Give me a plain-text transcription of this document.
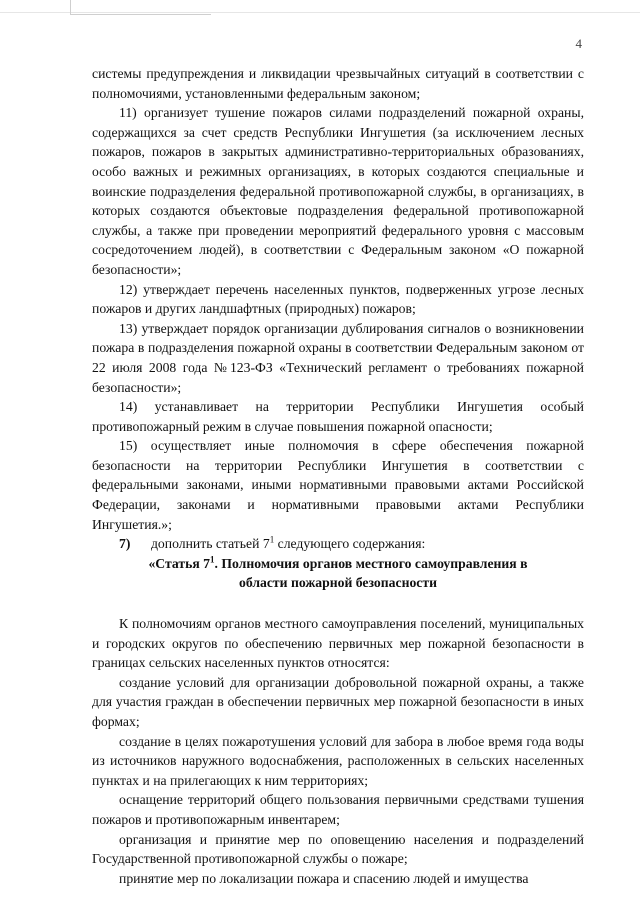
4

системы предупреждения и ликвидации чрезвычайных ситуаций в соответствии с полномочиями, установленными федеральным законом;

11) организует тушение пожаров силами подразделений пожарной охраны, содержащихся за счет средств Республики Ингушетия (за исключением лесных пожаров, пожаров в закрытых административно-территориальных образованиях, особо важных и режимных организациях, в которых создаются специальные и воинские подразделения федеральной противопожарной службы, в организациях, в которых создаются объектовые подразделения федеральной противопожарной службы, а также при проведении мероприятий федерального уровня с массовым сосредоточением людей), в соответствии с Федеральным законом «О пожарной безопасности»;

12) утверждает перечень населенных пунктов, подверженных угрозе лесных пожаров и других ландшафтных (природных) пожаров;

13) утверждает порядок организации дублирования сигналов о возникновении пожара в подразделения пожарной охраны в соответствии Федеральным законом от 22 июля 2008 года №123-ФЗ «Технический регламент о требованиях пожарной безопасности»;

14) устанавливает на территории Республики Ингушетия особый противопожарный режим в случае повышения пожарной опасности;

15) осуществляет иные полномочия в сфере обеспечения пожарной безопасности на территории Республики Ингушетия в соответствии с федеральными законами, иными нормативными правовыми актами Российской Федерации, законами и нормативными правовыми актами Республики Ингушетия.»;

7) дополнить статьей $7^1$ следующего содержания:

«Статья $7^1$. Полномочия органов местного самоуправления в
области пожарной безопасности

К полномочиям органов местного самоуправления поселений, муниципальных и городских округов по обеспечению первичных мер пожарной безопасности в границах сельских населенных пунктов относятся:

создание условий для организации добровольной пожарной охраны, а также для участия граждан в обеспечении первичных мер пожарной безопасности в иных формах;

создание в целях пожаротушения условий для забора в любое время года воды из источников наружного водоснабжения, расположенных в сельских населенных пунктах и на прилегающих к ним территориях;

оснащение территорий общего пользования первичными средствами тушения пожаров и противопожарным инвентарем;

организация и принятие мер по оповещению населения и подразделений Государственной противопожарной службы о пожаре;

принятие мер по локализации пожара и спасению людей и имущества
